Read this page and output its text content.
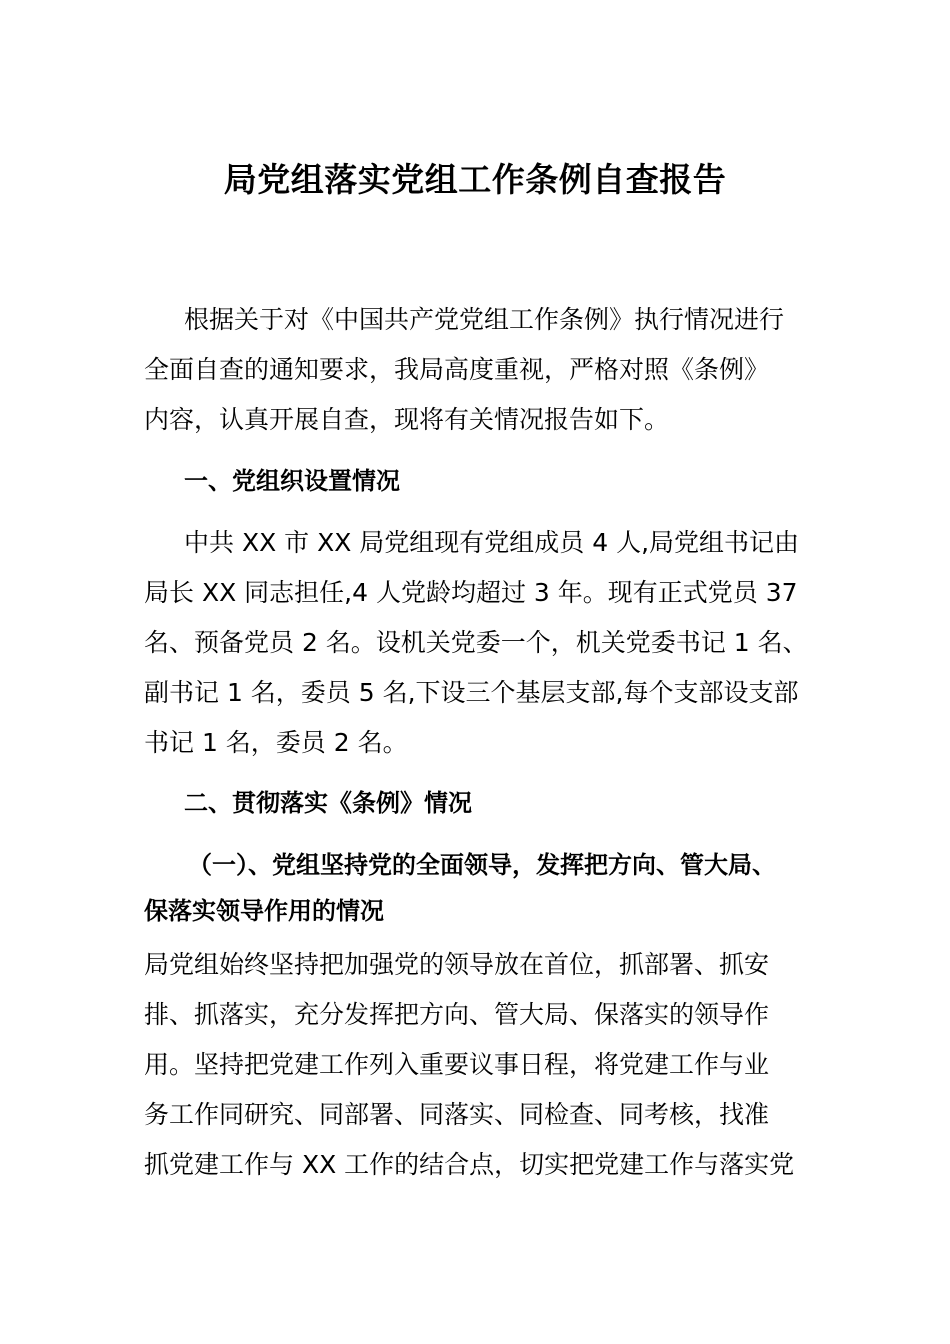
局党组落实党组工作条例自查报告
根据关于对《中国共产党党组工作条例》执行情况进行
全面自查的通知要求，我局高度重视，严格对照《条例》
内容，认真开展自查，现将有关情况报告如下。
一、党组织设置情况
中共 XX 市 XX 局党组现有党组成员 4 人,局党组书记由
局长 XX 同志担任,4 人党龄均超过 3 年。现有正式党员 37
名、预备党员 2 名。设机关党委一个，机关党委书记 1 名、
副书记 1 名，委员 5 名,下设三个基层支部,每个支部设支部
书记 1 名，委员 2 名。
二、贯彻落实《条例》情况
（一）、党组坚持党的全面领导，发挥把方向、管大局、
保落实领导作用的情况
局党组始终坚持把加强党的领导放在首位，抓部署、抓安
排、抓落实，充分发挥把方向、管大局、保落实的领导作
用。坚持把党建工作列入重要议事日程，将党建工作与业
务工作同研究、同部署、同落实、同检查、同考核，找准
抓党建工作与 XX 工作的结合点，切实把党建工作与落实党
